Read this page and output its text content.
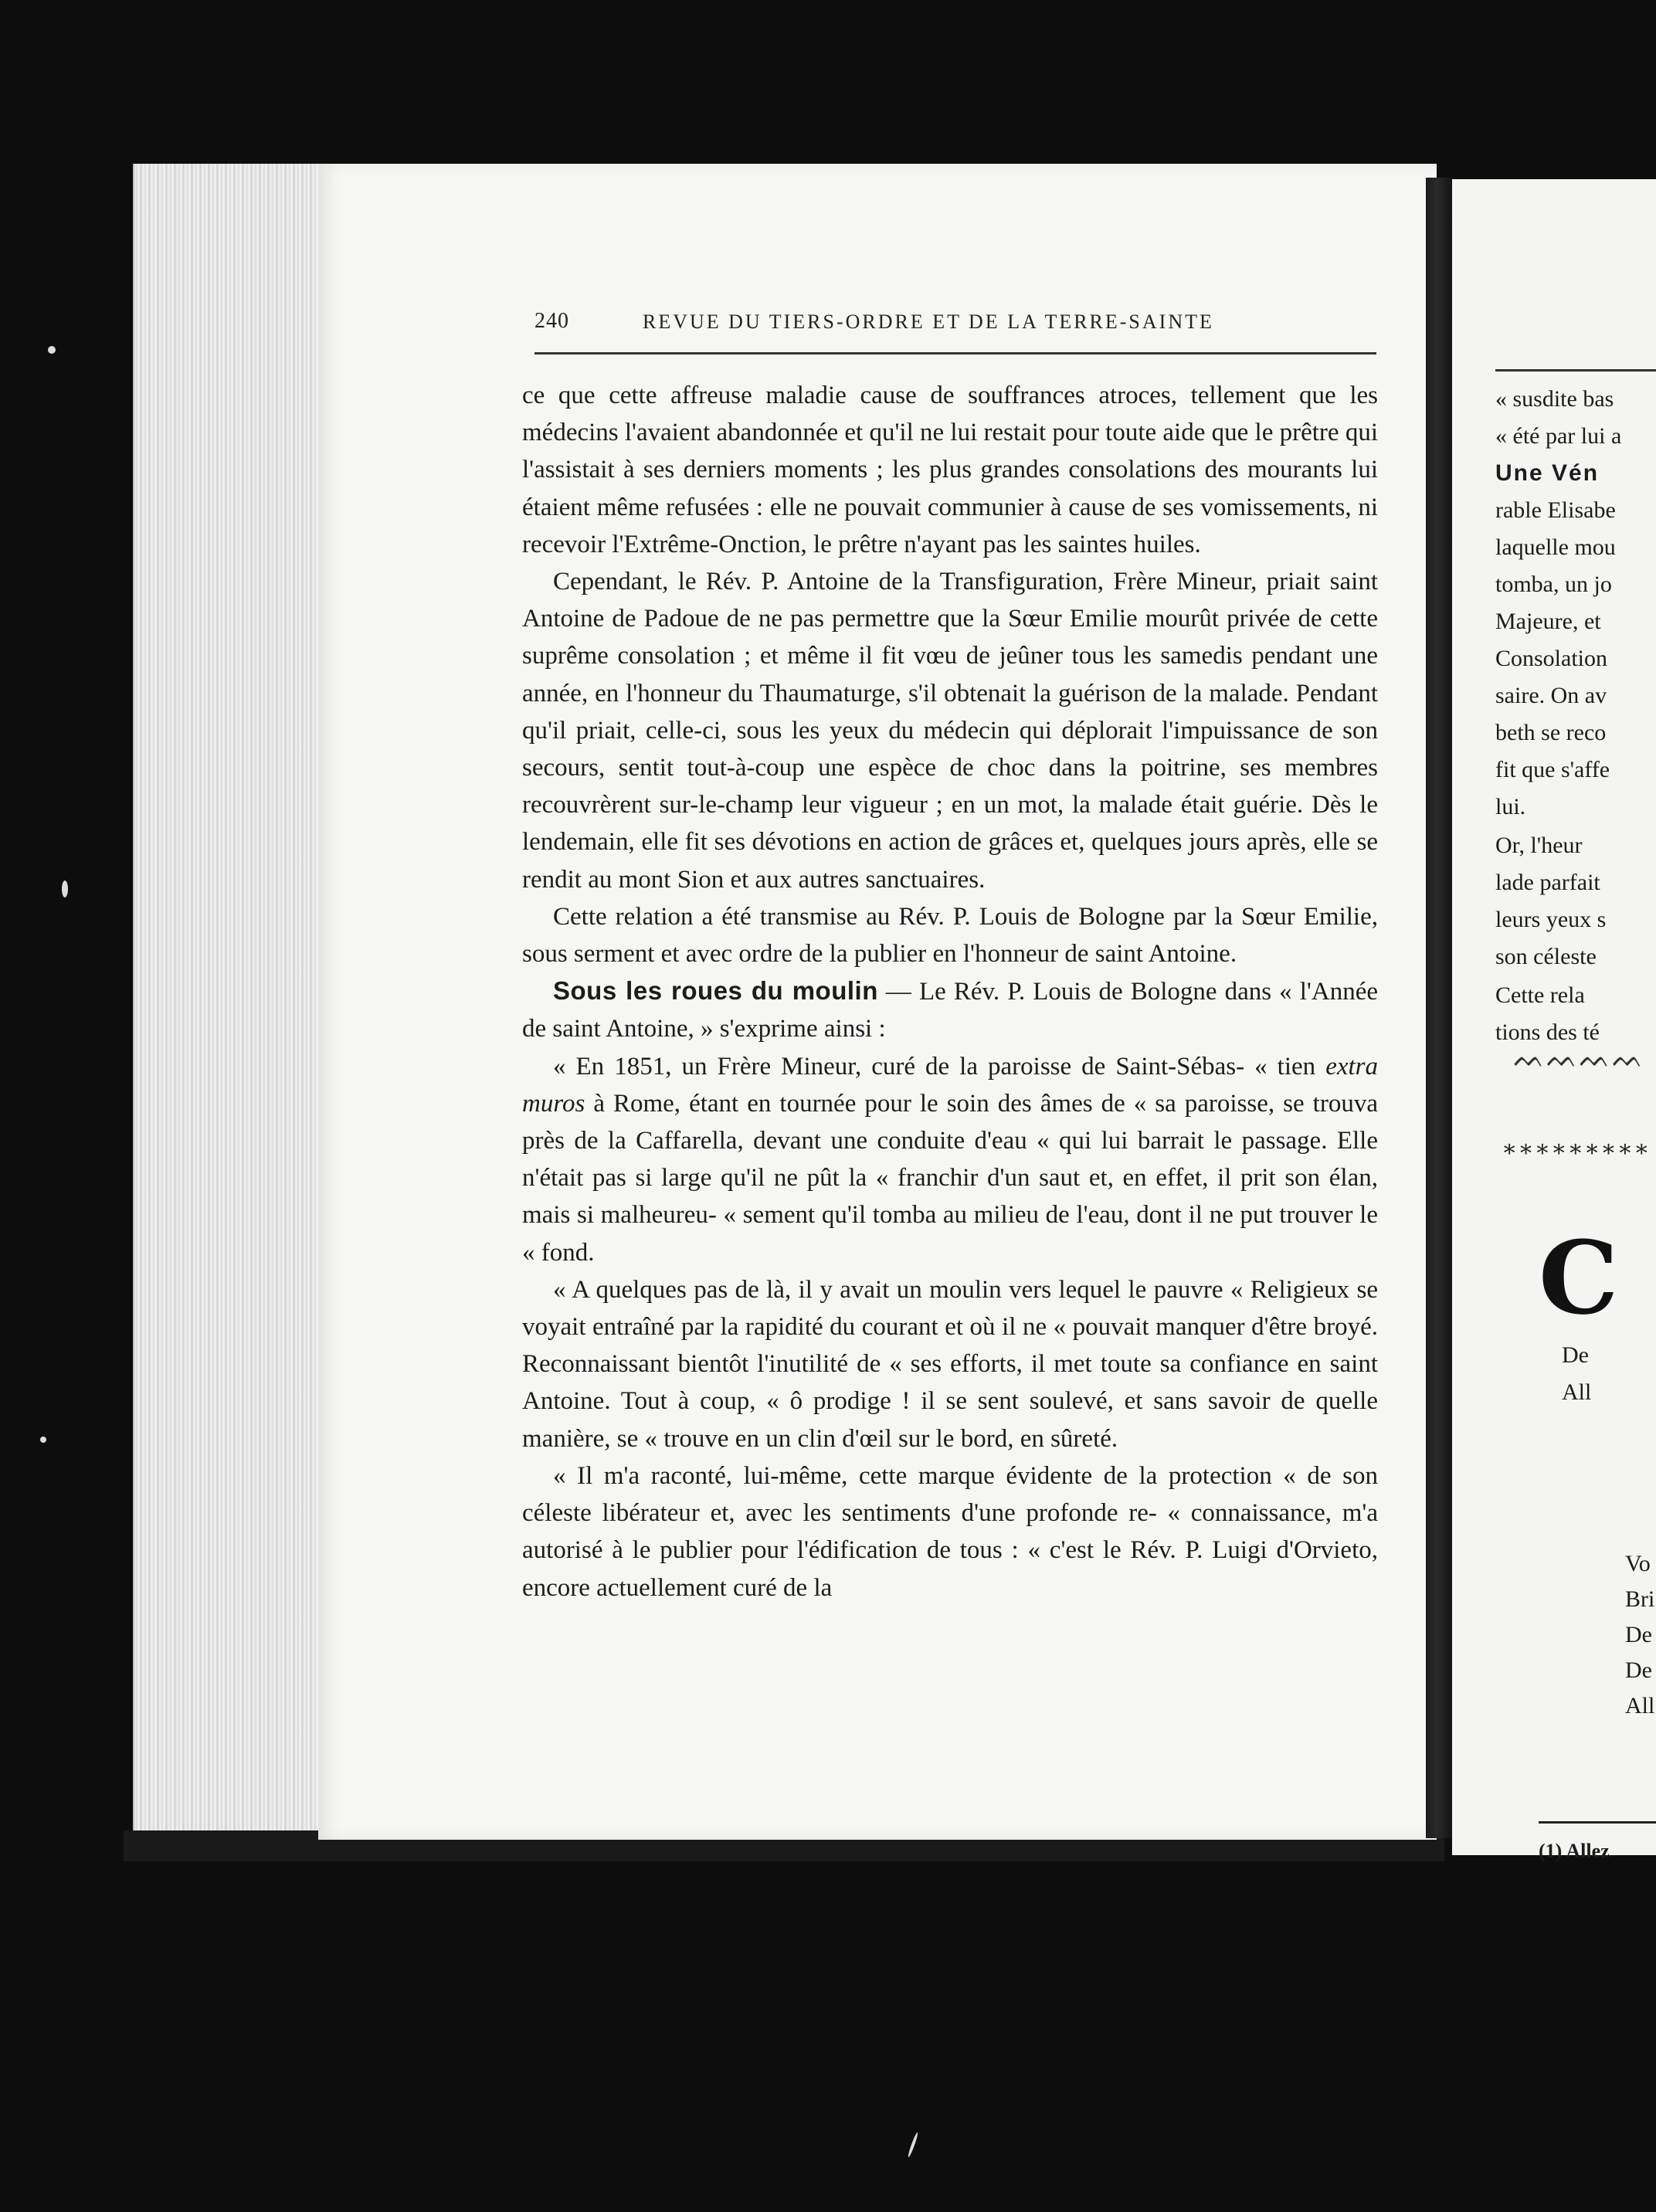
240	REVUE DU TIERS-ORDRE ET DE LA TERRE-SAINTE

ce que cette affreuse maladie cause de souffrances atroces, tellement que les médecins l'avaient abandonnée et qu'il ne lui restait pour toute aide que le prêtre qui l'assistait à ses derniers moments ; les plus grandes consolations des mourants lui étaient même refusées : elle ne pouvait communier à cause de ses vomissements, ni recevoir l'Extrême-Onction, le prêtre n'ayant pas les saintes huiles.

Cependant, le Rév. P. Antoine de la Transfiguration, Frère Mineur, priait saint Antoine de Padoue de ne pas permettre que la Sœur Emilie mourût privée de cette suprême consolation ; et même il fit vœu de jeûner tous les samedis pendant une année, en l'honneur du Thaumaturge, s'il obtenait la guérison de la malade. Pendant qu'il priait, celle-ci, sous les yeux du médecin qui déplorait l'impuissance de son secours, sentit tout-à-coup une espèce de choc dans la poitrine, ses membres recouvrèrent sur-le-champ leur vigueur ; en un mot, la malade était guérie. Dès le lendemain, elle fit ses dévotions en action de grâces et, quelques jours après, elle se rendit au mont Sion et aux autres sanctuaires.

Cette relation a été transmise au Rév. P. Louis de Bologne par la Sœur Emilie, sous serment et avec ordre de la publier en l'honneur de saint Antoine.

Sous les roues du moulin — Le Rév. P. Louis de Bologne dans « l'Année de saint Antoine, » s'exprime ainsi :

« En 1851, un Frère Mineur, curé de la paroisse de Saint-Sébas- « tien extra muros à Rome, étant en tournée pour le soin des âmes de « sa paroisse, se trouva près de la Caffarella, devant une conduite d'eau « qui lui barrait le passage. Elle n'était pas si large qu'il ne pût la « franchir d'un saut et, en effet, il prit son élan, mais si malheureu- « sement qu'il tomba au milieu de l'eau, dont il ne put trouver le « fond.

« A quelques pas de là, il y avait un moulin vers lequel le pauvre « Religieux se voyait entraîné par la rapidité du courant et où il ne « pouvait manquer d'être broyé. Reconnaissant bientôt l'inutilité de « ses efforts, il met toute sa confiance en saint Antoine. Tout à coup, « ô prodige ! il se sent soulevé, et sans savoir de quelle manière, se « trouve en un clin d'œil sur le bord, en sûreté.

« Il m'a raconté, lui-même, cette marque évidente de la protection « de son céleste libérateur et, avec les sentiments d'une profonde re- « connaissance, m'a autorisé à le publier pour l'édification de tous : « c'est le Rév. P. Luigi d'Orvieto, encore actuellement curé de la

« susdite bas
« été par lui a
Une Vén
rable Elisabe
laquelle mou
tomba, un jo
Majeure, et
Consolation
saire. On av
beth se reco
fit que s'affe
lui.
Or, l'heur
lade parfait
leurs yeux s
son céleste
Cette rela
tions des té
ᨓᨓᨓᨓ
∗∗∗∗∗∗∗∗∗
C
De
All
Vo
Bri
De
De
All
(1) Allez
